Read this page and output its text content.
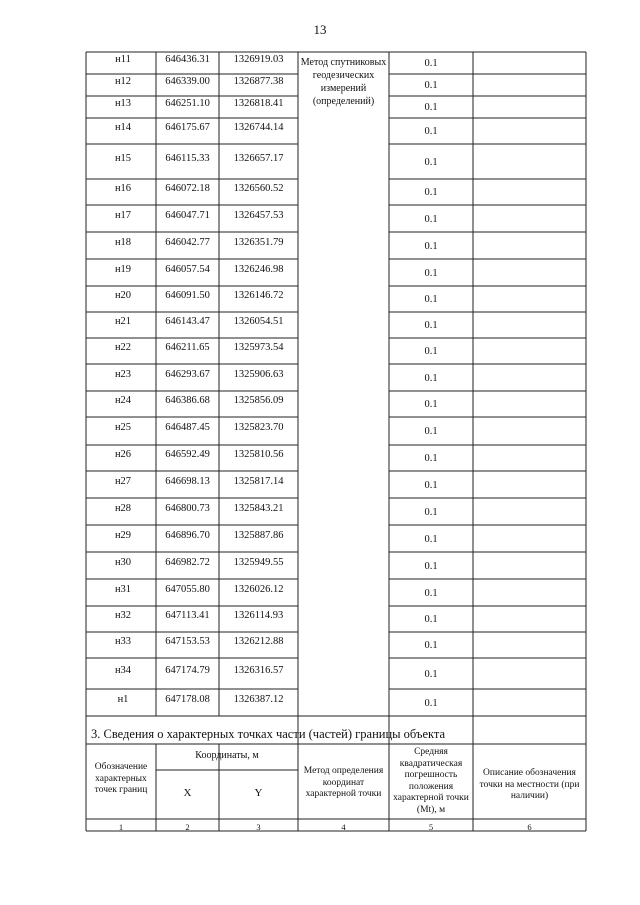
13
н11	646436.31	1326919.03	0.1
н12	646339.00	1326877.38	0.1
н13	646251.10	1326818.41	0.1
н14	646175.67	1326744.14	0.1
н15	646115.33	1326657.17	0.1
н16	646072.18	1326560.52	0.1
н17	646047.71	1326457.53	0.1
н18	646042.77	1326351.79	0.1
н19	646057.54	1326246.98	0.1
н20	646091.50	1326146.72	0.1
н21	646143.47	1326054.51	0.1
н22	646211.65	1325973.54	0.1
н23	646293.67	1325906.63	0.1
н24	646386.68	1325856.09	0.1
н25	646487.45	1325823.70	0.1
н26	646592.49	1325810.56	0.1
н27	646698.13	1325817.14	0.1
н28	646800.73	1325843.21	0.1
н29	646896.70	1325887.86	0.1
н30	646982.72	1325949.55	0.1
н31	647055.80	1326026.12	0.1
н32	647113.41	1326114.93	0.1
н33	647153.53	1326212.88	0.1
н34	647174.79	1326316.57	0.1
н1	647178.08	1326387.12	0.1
Метод спутниковых геодезических измерений (определений)
3. Сведения о характерных точках части (частей) границы объекта
Обозначение характерных точек границ
Координаты, м
X	Y
Метод определения координат характерной точки
Средняя квадратическая погрешность положения характерной точки (Mt), м
Описание обозначения точки на местности (при наличии)
1	2	3	4	5	6
